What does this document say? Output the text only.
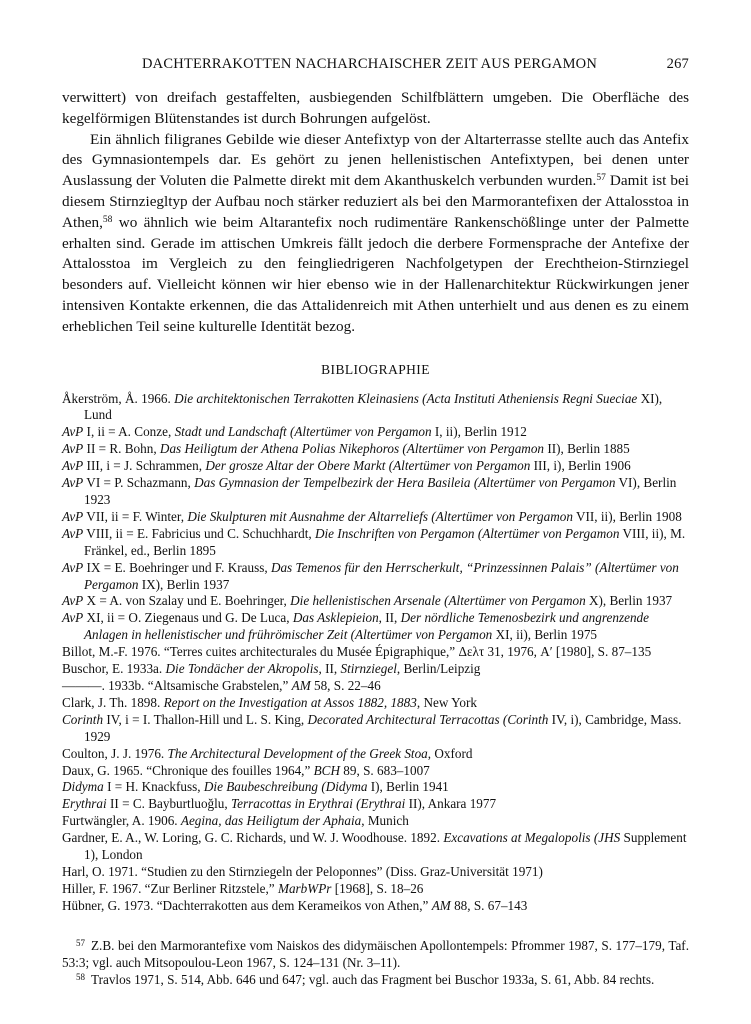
DACHTERRAKOTTEN NACHARCHAISCHER ZEIT AUS PERGAMON	267

verwittert) von dreifach gestaffelten, ausbiegenden Schilfblättern umgeben. Die Oberfläche des kegelförmigen Blütenstandes ist durch Bohrungen aufgelöst.

Ein ähnlich filigranes Gebilde wie dieser Antefixtyp von der Altarterrasse stellte auch das Antefix des Gymnasiontempels dar. Es gehört zu jenen hellenistischen Antefixtypen, bei denen unter Auslassung der Voluten die Palmette direkt mit dem Akanthuskelch verbunden wurden.$^{57}$ Damit ist bei diesem Stirnziegltyp der Aufbau noch stärker reduziert als bei den Marmorantefixen der Attalosstoa in Athen,$^{58}$ wo ähnlich wie beim Altarantefix noch rudimentäre Rankenschößlinge unter der Palmette erhalten sind. Gerade im attischen Umkreis fällt jedoch die derbere Formensprache der Antefixe der Attalosstoa im Vergleich zu den feingliedrigeren Nachfolgetypen der Erechtheion-Stirnziegel besonders auf. Vielleicht können wir hier ebenso wie in der Hallenarchitektur Rückwirkungen jener intensiven Kontakte erkennen, die das Attalidenreich mit Athen unterhielt und aus denen es zu einem erheblichen Teil seine kulturelle Identität bezog.

BIBLIOGRAPHIE
Åkerström, Å. 1966. Die architektonischen Terrakotten Kleinasiens (Acta Instituti Atheniensis Regni Sueciae XI), Lund
AvP I, ii = A. Conze, Stadt und Landschaft (Altertümer von Pergamon I, ii), Berlin 1912
AvP II = R. Bohn, Das Heiligtum der Athena Polias Nikephoros (Altertümer von Pergamon II), Berlin 1885
AvP III, i = J. Schrammen, Der grosze Altar der Obere Markt (Altertümer von Pergamon III, i), Berlin 1906
AvP VI = P. Schazmann, Das Gymnasion der Tempelbezirk der Hera Basileia (Altertümer von Pergamon VI), Berlin 1923
AvP VII, ii = F. Winter, Die Skulpturen mit Ausnahme der Altarreliefs (Altertümer von Pergamon VII, ii), Berlin 1908
AvP VIII, ii = E. Fabricius und C. Schuchhardt, Die Inschriften von Pergamon (Altertümer von Pergamon VIII, ii), M. Fränkel, ed., Berlin 1895
AvP IX = E. Boehringer und F. Krauss, Das Temenos für den Herrscherkult, “Prinzessinnen Palais” (Altertümer von Pergamon IX), Berlin 1937
AvP X = A. von Szalay und E. Boehringer, Die hellenistischen Arsenale (Altertümer von Pergamon X), Berlin 1937
AvP XI, ii = O. Ziegenaus und G. De Luca, Das Asklepieion, II, Der nördliche Temenosbezirk und angrenzende Anlagen in hellenistischer und frührömischer Zeit (Altertümer von Pergamon XI, ii), Berlin 1975
Billot, M.-F. 1976. “Terres cuites architecturales du Musée Épigraphique,” Δελτ 31, 1976, A′ [1980], S. 87–135
Buschor, E. 1933a. Die Tondächer der Akropolis, II, Stirnziegel, Berlin/Leipzig
———. 1933b. “Altsamische Grabstelen,” AM 58, S. 22–46
Clark, J. Th. 1898. Report on the Investigation at Assos 1882, 1883, New York
Corinth IV, i = I. Thallon-Hill und L. S. King, Decorated Architectural Terracottas (Corinth IV, i), Cambridge, Mass. 1929
Coulton, J. J. 1976. The Architectural Development of the Greek Stoa, Oxford
Daux, G. 1965. “Chronique des fouilles 1964,” BCH 89, S. 683–1007
Didyma I = H. Knackfuss, Die Baubeschreibung (Didyma I), Berlin 1941
Erythrai II = C. Bayburtluoğlu, Terracottas in Erythrai (Erythrai II), Ankara 1977
Furtwängler, A. 1906. Aegina, das Heiligtum der Aphaia, Munich
Gardner, E. A., W. Loring, G. C. Richards, und W. J. Woodhouse. 1892. Excavations at Megalopolis (JHS Supplement 1), London
Harl, O. 1971. “Studien zu den Stirnziegeln der Peloponnes” (Diss. Graz-Universität 1971)
Hiller, F. 1967. “Zur Berliner Ritzstele,” MarbWPr [1968], S. 18–26
Hübner, G. 1973. “Dachterrakotten aus dem Kerameikos von Athen,” AM 88, S. 67–143
$^{57}$ Z.B. bei den Marmorantefixe vom Naiskos des didymäischen Apollontempels: Pfrommer 1987, S. 177–179, Taf. 53:3; vgl. auch Mitsopoulou-Leon 1967, S. 124–131 (Nr. 3–11).
$^{58}$ Travlos 1971, S. 514, Abb. 646 und 647; vgl. auch das Fragment bei Buschor 1933a, S. 61, Abb. 84 rechts.
